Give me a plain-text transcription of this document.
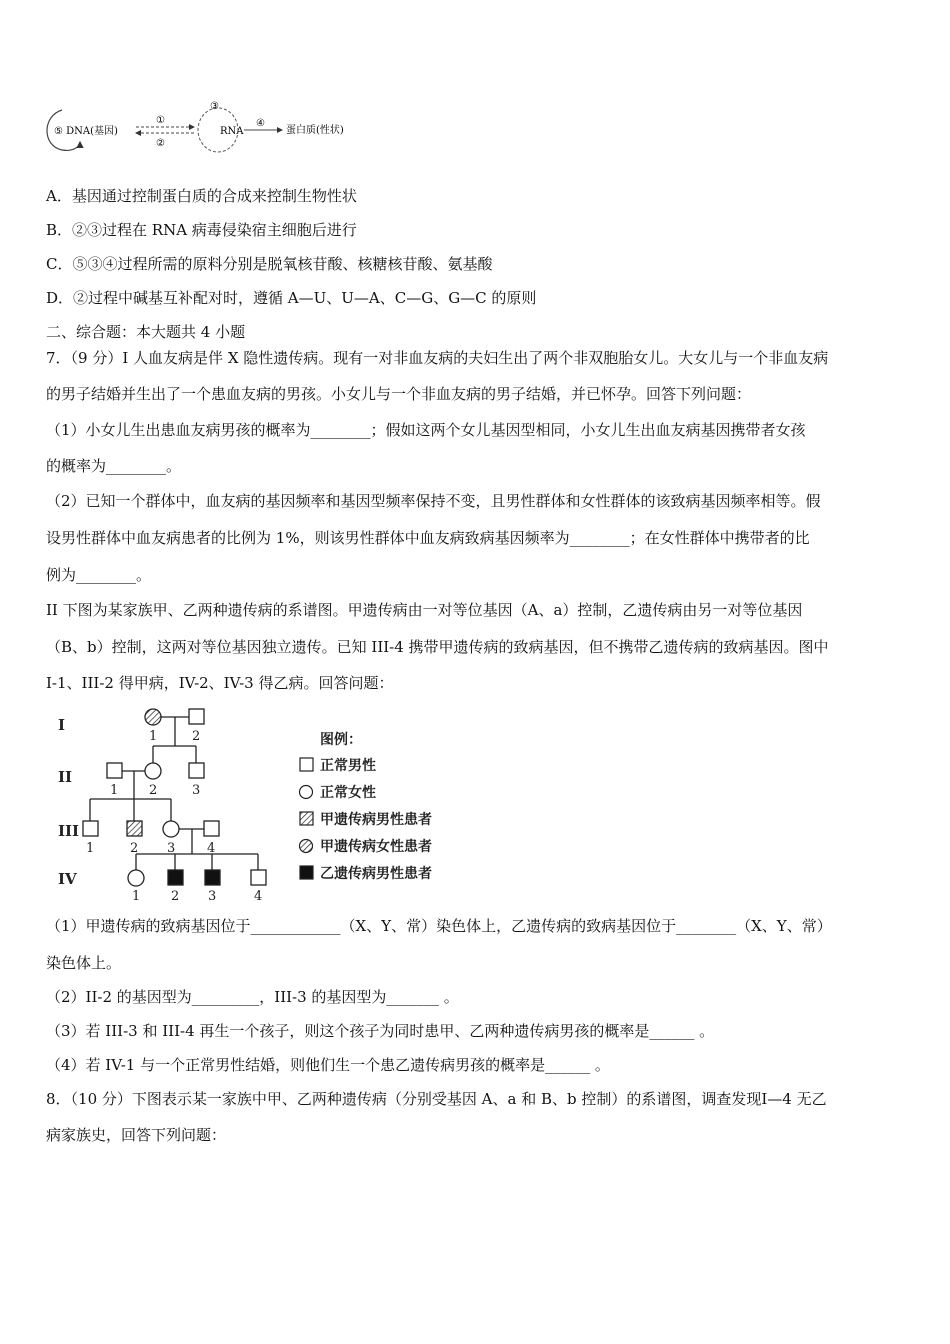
⑤ DNA(基因)
①
②
③
RNA
④
蛋白质(性状)
A．基因通过控制蛋白质的合成来控制生物性状
B．②③过程在 RNA 病毒侵染宿主细胞后进行
C．⑤③④过程所需的原料分别是脱氧核苷酸、核糖核苷酸、氨基酸
D．②过程中碱基互补配对时，遵循 A—U、U—A、C—G、G—C 的原则
二、综合题：本大题共 4 小题
7．（9 分）I 人血友病是伴 X 隐性遗传病。现有一对非血友病的夫妇生出了两个非双胞胎女儿。大女儿与一个非血友病
的男子结婚并生出了一个患血友病的男孩。小女儿与一个非血友病的男子结婚，并已怀孕。回答下列问题：
（1）小女儿生出患血友病男孩的概率为________；假如这两个女儿基因型相同，小女儿生出血友病基因携带者女孩
的概率为________。
（2）已知一个群体中，血友病的基因频率和基因型频率保持不变，且男性群体和女性群体的该致病基因频率相等。假
设男性群体中血友病患者的比例为 1%，则该男性群体中血友病致病基因频率为________；在女性群体中携带者的比
例为________。
II 下图为某家族甲、乙两种遗传病的系谱图。甲遗传病由一对等位基因（A、a）控制，乙遗传病由另一对等位基因
（B、b）控制，这两对等位基因独立遗传。已知 III-4 携带甲遗传病的致病基因，但不携带乙遗传病的致病基因。图中
I-1、III-2 得甲病，IV-2、IV-3 得乙病。回答问题：
I
II
III
IV
1	2
1 2	3
1	2 3 4
1 2 3	4
图例：
正常男性
正常女性
甲遗传病男性患者
甲遗传病女性患者
乙遗传病男性患者
（1）甲遗传病的致病基因位于____________（X、Y、常）染色体上，乙遗传病的致病基因位于________（X、Y、常）
染色体上。
（2）II-2 的基因型为_________，III-3 的基因型为_______ 。
（3）若 III-3 和 III-4 再生一个孩子，则这个孩子为同时患甲、乙两种遗传病男孩的概率是______ 。
（4）若 IV-1 与一个正常男性结婚，则他们生一个患乙遗传病男孩的概率是______ 。
8．（10 分）下图表示某一家族中甲、乙两种遗传病（分别受基因 A、a 和 B、b 控制）的系谱图，调查发现Ⅰ—4 无乙
病家族史，回答下列问题：
